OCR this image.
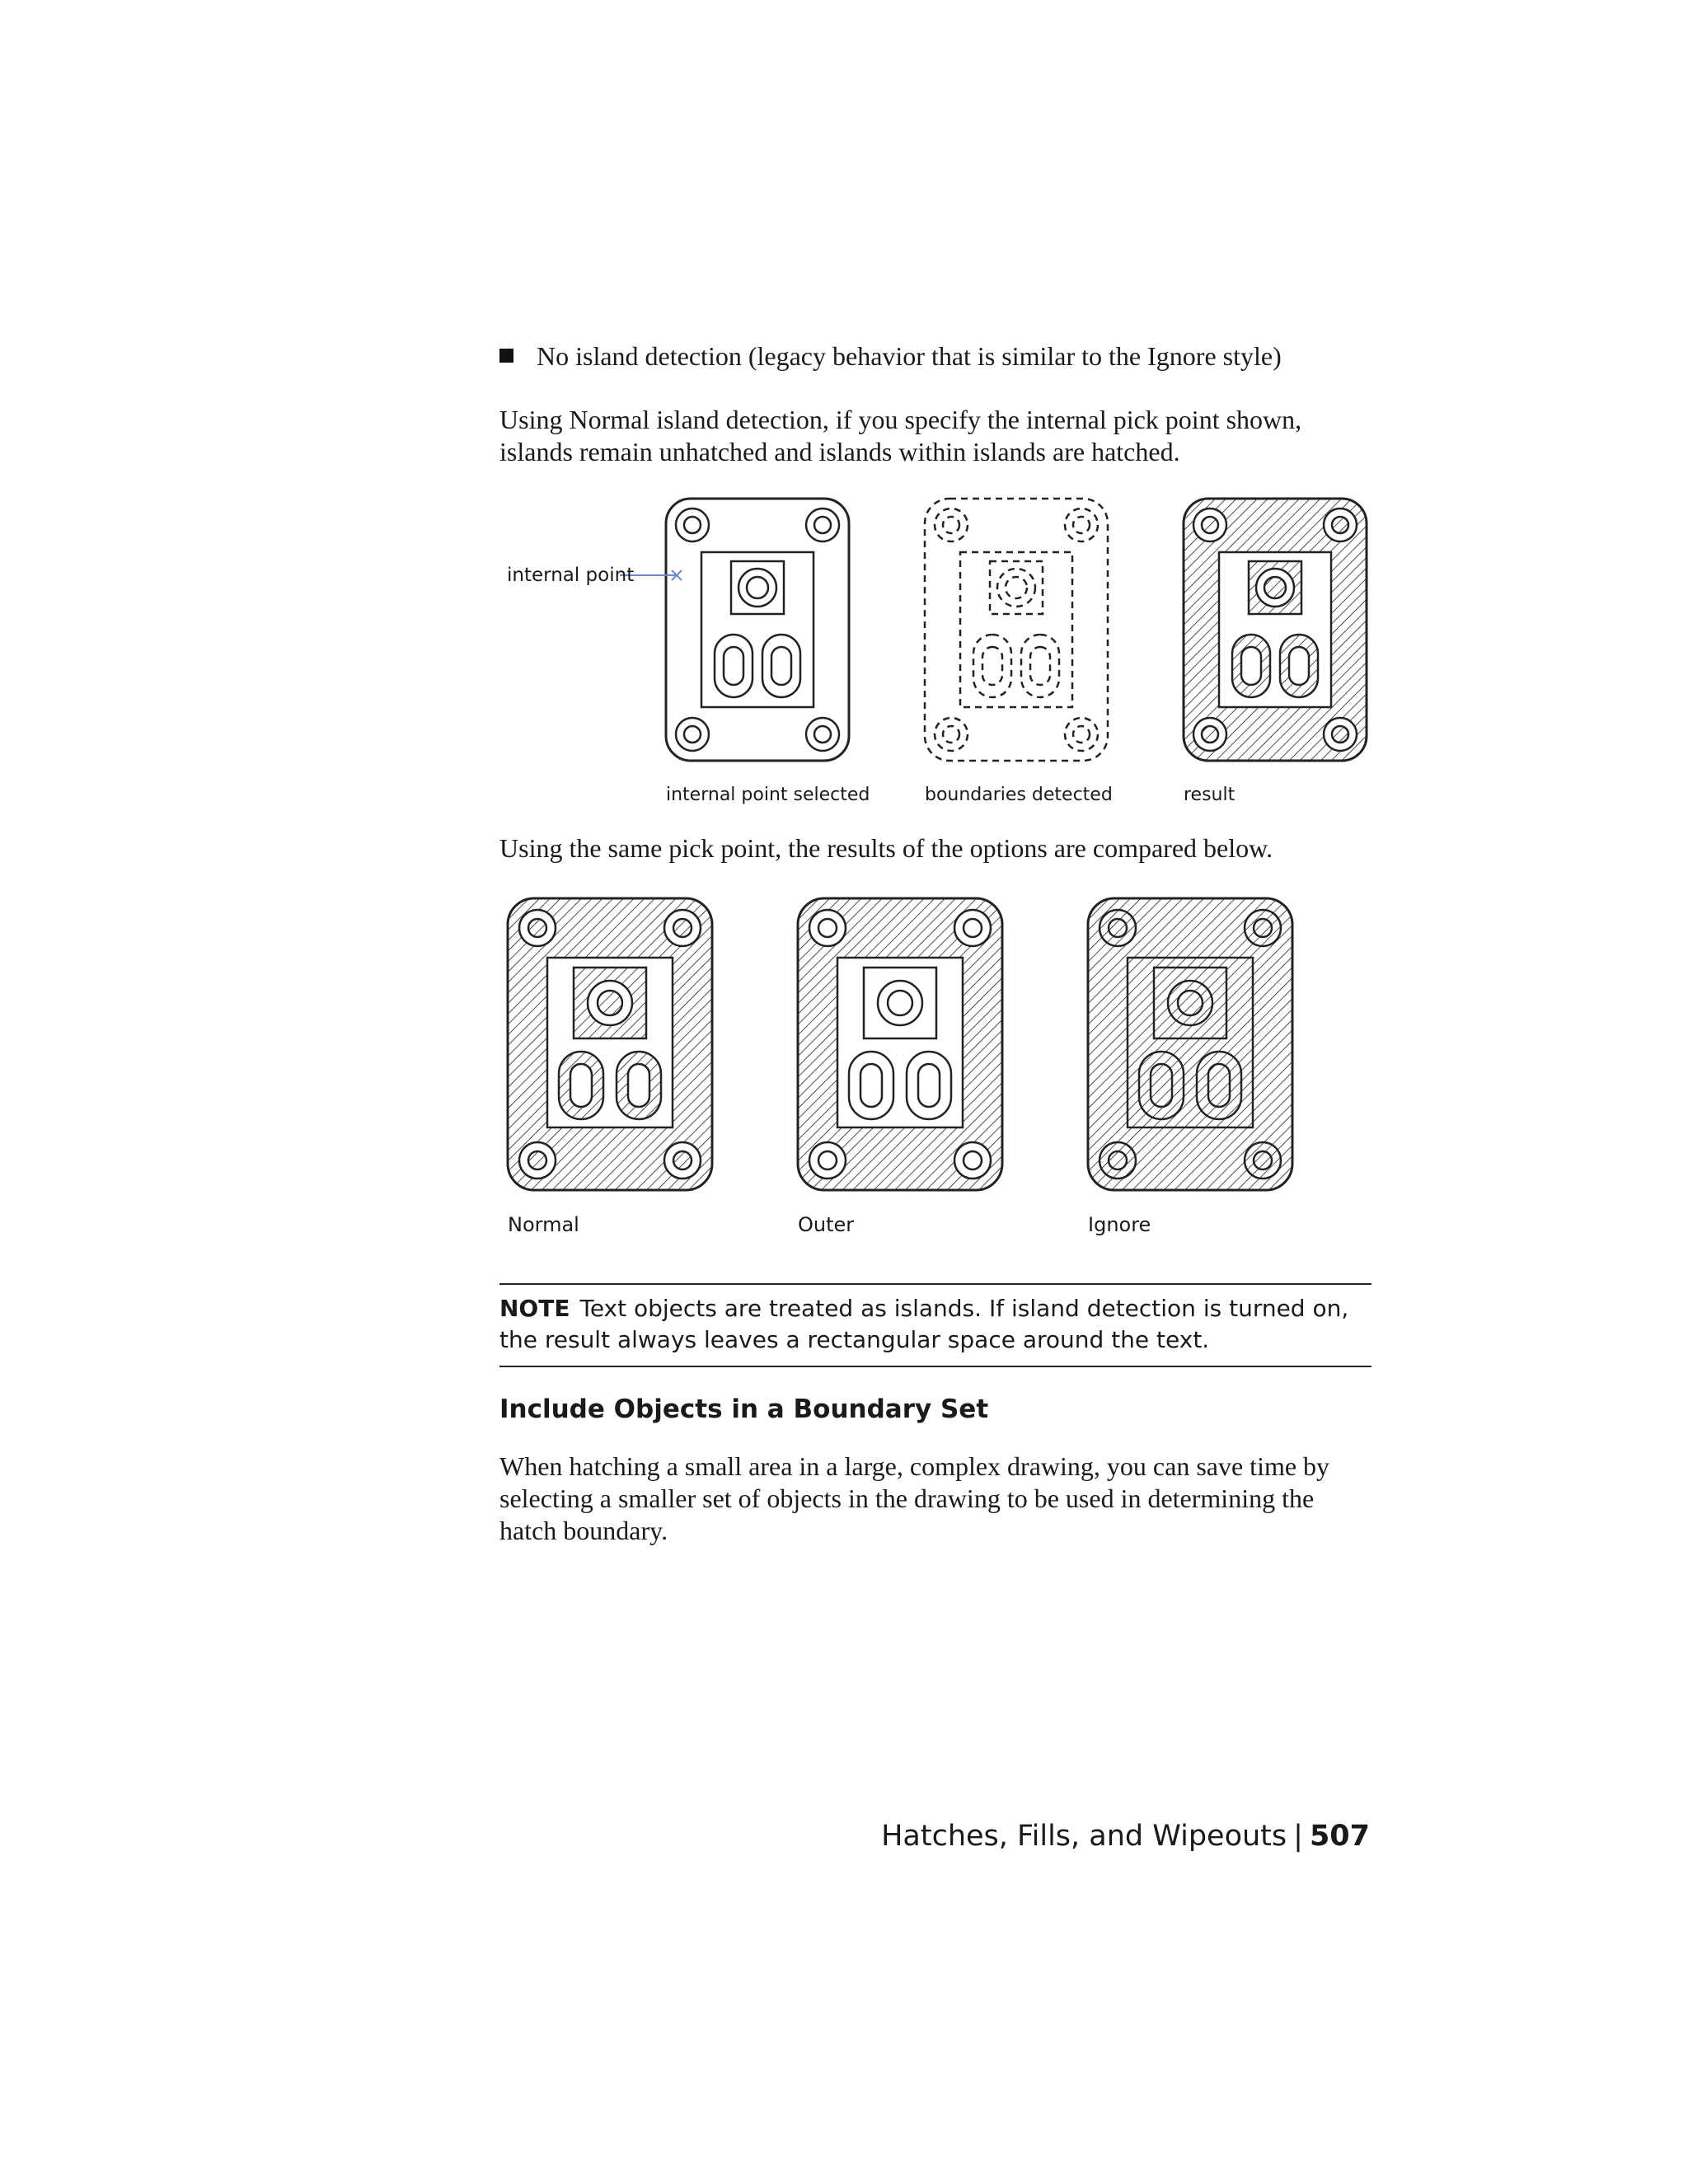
No island detection (legacy behavior that is similar to the Ignore style)
Using Normal island detection, if you specify the internal pick point shown, islands remain unhatched and islands within islands are hatched.
internal point
internal point selected	boundaries detected	result
Using the same pick point, the results of the options are compared below.
Normal	Outer	Ignore
NOTE Text objects are treated as islands. If island detection is turned on, the result always leaves a rectangular space around the text.
Include Objects in a Boundary Set
When hatching a small area in a large, complex drawing, you can save time by selecting a smaller set of objects in the drawing to be used in determining the hatch boundary.
Hatches, Fills, and Wipeouts | 507
